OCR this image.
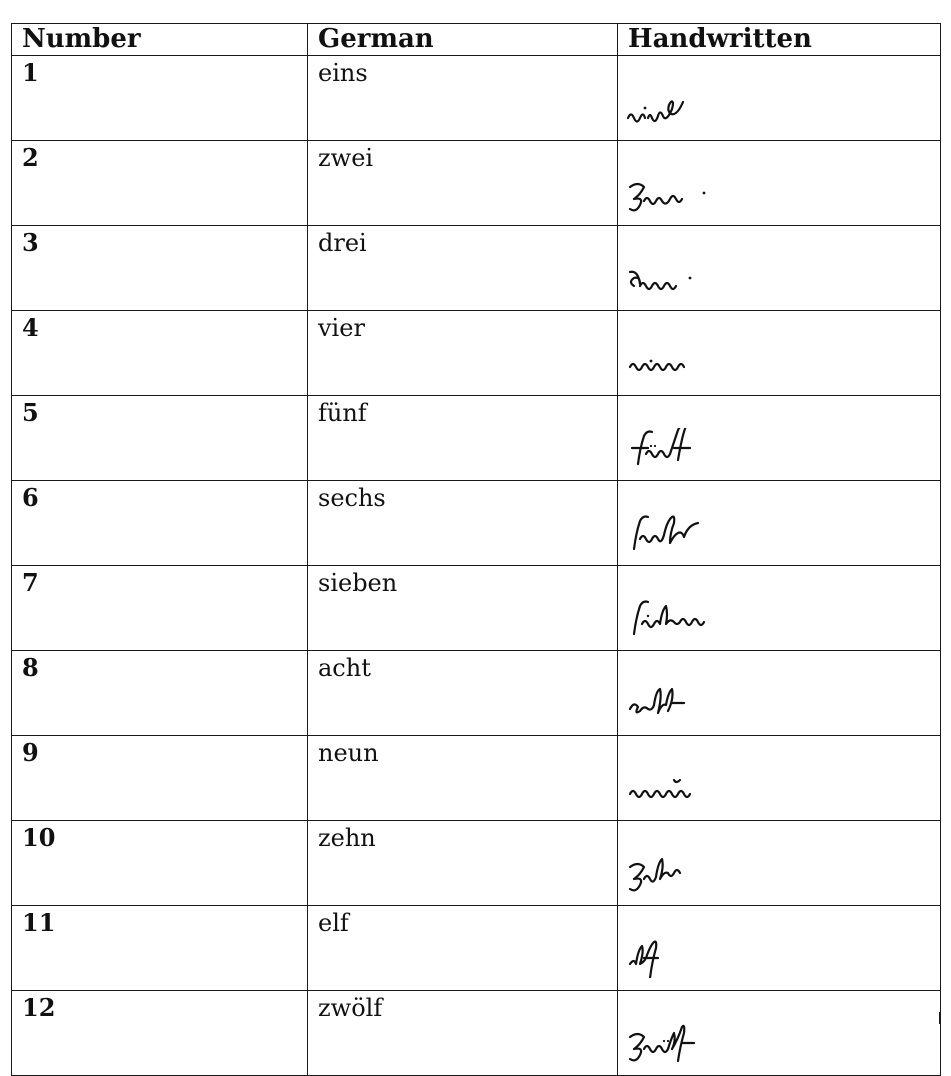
Number	German	Handwritten
1	eins	

2	zwei	

3	drei	

4	vier	

5	fünf	

6	sechs	

7	sieben	

8	acht	

9	neun	

10	zehn	

11	elf	

12	zwölf	
